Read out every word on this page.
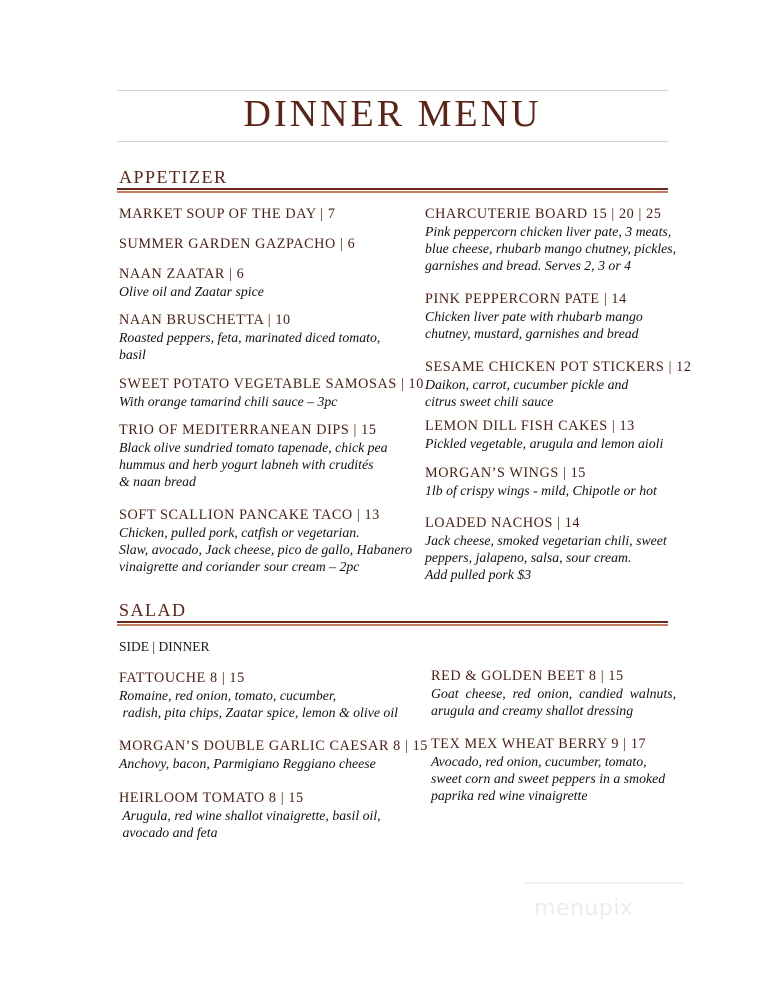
DINNER MENU
APPETIZER
MARKET SOUP OF THE DAY | 7
SUMMER GARDEN GAZPACHO | 6
NAAN ZAATAR | 6
Olive oil and Zaatar spice
NAAN BRUSCHETTA | 10
Roasted peppers, feta, marinated diced tomato,
basil
SWEET POTATO VEGETABLE SAMOSAS | 10
With orange tamarind chili sauce – 3pc
TRIO OF MEDITERRANEAN DIPS | 15
Black olive sundried tomato tapenade, chick pea
hummus and herb yogurt labneh with crudités
& naan bread
SOFT SCALLION PANCAKE TACO | 13
Chicken, pulled pork, catfish or vegetarian.
Slaw, avocado, Jack cheese, pico de gallo, Habanero
vinaigrette and coriander sour cream – 2pc
CHARCUTERIE BOARD 15 | 20 | 25
Pink peppercorn chicken liver pate, 3 meats,
blue cheese, rhubarb mango chutney, pickles,
garnishes and bread. Serves 2, 3 or 4
PINK PEPPERCORN PATE | 14
Chicken liver pate with rhubarb mango
chutney, mustard, garnishes and bread
SESAME CHICKEN POT STICKERS | 12
Daikon, carrot, cucumber pickle and
citrus sweet chili sauce
LEMON DILL FISH CAKES | 13
Pickled vegetable, arugula and lemon aioli
MORGAN’S WINGS | 15
1lb of crispy wings - mild, Chipotle or hot
LOADED NACHOS | 14
Jack cheese, smoked vegetarian chili, sweet
peppers, jalapeno, salsa, sour cream.
Add pulled pork $3
SALAD
SIDE | DINNER
FATTOUCHE 8 | 15
Romaine, red onion, tomato, cucumber,
radish, pita chips, Zaatar spice, lemon & olive oil
MORGAN’S DOUBLE GARLIC CAESAR 8 | 15
Anchovy, bacon, Parmigiano Reggiano cheese
HEIRLOOM TOMATO 8 | 15
Arugula, red wine shallot vinaigrette, basil oil,
avocado and feta
RED & GOLDEN BEET 8 | 15
Goat  cheese,  red  onion,  candied  walnuts,
arugula and creamy shallot dressing
TEX MEX WHEAT BERRY 9 | 17
Avocado, red onion, cucumber, tomato,
sweet corn and sweet peppers in a smoked
paprika red wine vinaigrette
menupix
